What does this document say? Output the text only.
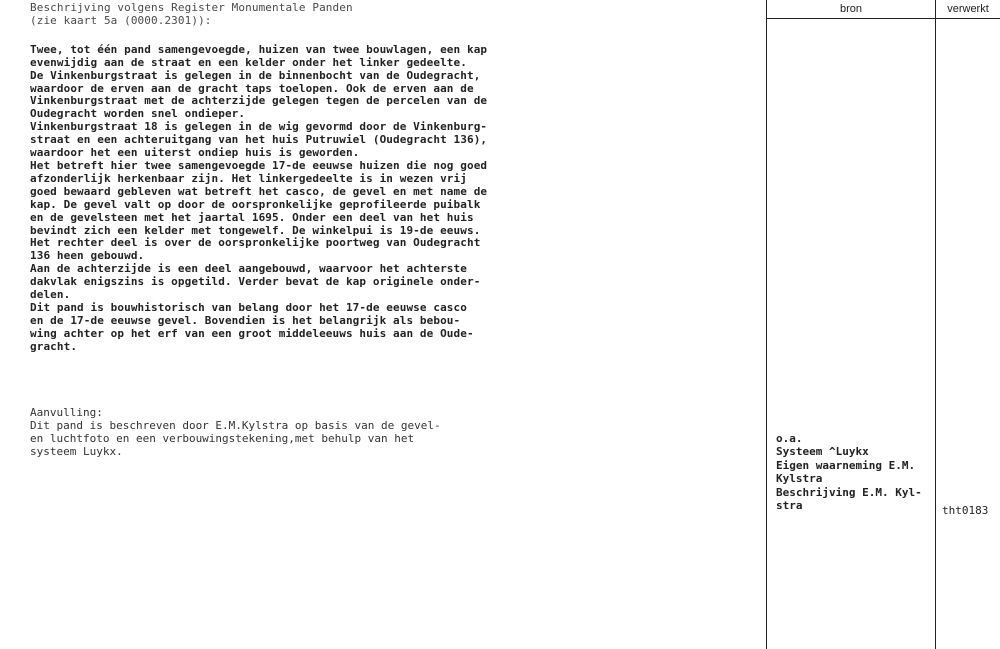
Beschrijving volgens Register Monumentale Panden
(zie kaart 5a (0000.2301)):
Twee, tot één pand samengevoegde, huizen van twee bouwlagen, een kap
evenwijdig aan de straat en een kelder onder het linker gedeelte.
De Vinkenburgstraat is gelegen in de binnenbocht van de Oudegracht,
waardoor de erven aan de gracht taps toelopen. Ook de erven aan de
Vinkenburgstraat met de achterzijde gelegen tegen de percelen van de
Oudegracht worden snel ondieper.
Vinkenburgstraat 18 is gelegen in de wig gevormd door de Vinkenburg-
straat en een achteruitgang van het huis Putruwiel (Oudegracht 136),
waardoor het een uiterst ondiep huis is geworden.
Het betreft hier twee samengevoegde 17-de eeuwse huizen die nog goed
afzonderlijk herkenbaar zijn. Het linkergedeelte is in wezen vrij
goed bewaard gebleven wat betreft het casco, de gevel en met name de
kap. De gevel valt op door de oorspronkelijke geprofileerde puibalk
en de gevelsteen met het jaartal 1695. Onder een deel van het huis
bevindt zich een kelder met tongewelf. De winkelpui is 19-de eeuws.
Het rechter deel is over de oorspronkelijke poortweg van Oudegracht
136 heen gebouwd.
Aan de achterzijde is een deel aangebouwd, waarvoor het achterste
dakvlak enigszins is opgetild. Verder bevat de kap originele onder-
delen.
Dit pand is bouwhistorisch van belang door het 17-de eeuwse casco
en de 17-de eeuwse gevel. Bovendien is het belangrijk als bebou-
wing achter op het erf van een groot middeleeuws huis aan de Oude-
gracht.
Aanvulling:
Dit pand is beschreven door E.M.Kylstra op basis van de gevel-
en luchtfoto en een verbouwingstekening,met behulp van het
systeem Luykx.
bron	verwerkt
o.a.
Systeem ^Luykx
Eigen waarneming E.M.
Kylstra
Beschrijving E.M. Kyl-
stra	tht0183
